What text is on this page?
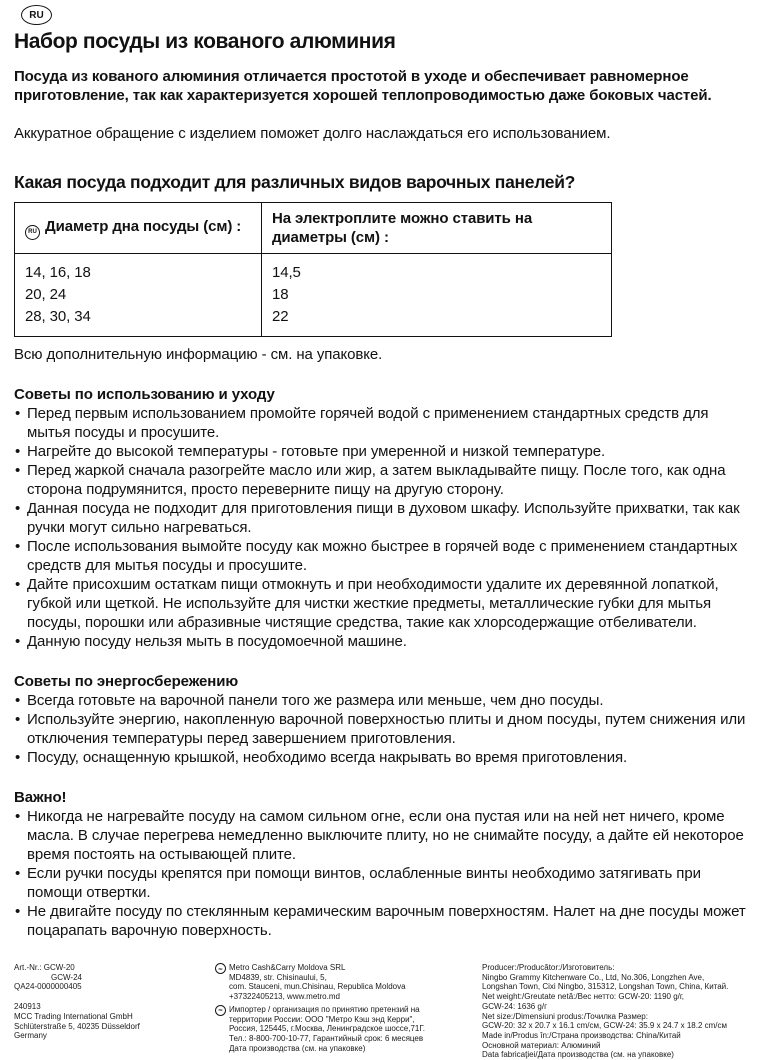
RU
Набор посуды из кованого алюминия

Посуда из кованого алюминия отличается простотой в уходе и обеспечивает равномерное приготовление, так как характеризуется хорошей теплопроводимостью даже боковых частей.

Аккуратное обращение с изделием поможет долго наслаждаться его использованием.

Какая посуда подходит для различных видов варочных панелей?
RU Диаметр дна посуды (см) :	На электроплите можно ставить на диаметры (см) :
14, 16, 18	14,5
20, 24	18
28, 30, 34	22

Всю дополнительную информацию - см. на упаковке.

Советы по использованию и уходу
• Перед первым использованием промойте горячей водой с применением стандартных средств для мытья посуды и просушите.
• Нагрейте до высокой температуры - готовьте при умеренной и низкой температуре.
• Перед жаркой сначала разогрейте масло или жир, а затем выкладывайте пищу. После того, как одна сторона подрумянится, просто переверните пищу на другую сторону.
• Данная посуда не подходит для приготовления пищи в духовом шкафу. Используйте прихватки, так как ручки могут сильно нагреваться.
• После использования вымойте посуду как можно быстрее в горячей воде с применением стандартных средств для мытья посуды и просушите.
• Дайте присохшим остаткам пищи отмокнуть и при необходимости удалите их деревянной лопаткой, губкой или щеткой. Не используйте для чистки жесткие предметы, металлические губки для мытья посуды, порошки или абразивные чистящие средства, такие как хлорсодержащие отбеливатели.
• Данную посуду нельзя мыть в посудомоечной машине.
Советы по энергосбережению
• Всегда готовьте на варочной панели того же размера или меньше, чем дно посуды.
• Используйте энергию, накопленную варочной поверхностью плиты и дном посуды, путем снижения или отключения температуры перед завершением приготовления.
• Посуду, оснащенную крышкой, необходимо всегда накрывать во время приготовления.
Важно!
• Никогда не нагревайте посуду на самом сильном огне, если она пустая или на ней нет ничего, кроме масла. В случае перегрева немедленно выключите плиту, но не снимайте посуду, а дайте ей некоторое время постоять на остывающей плите.
• Если ручки посуды крепятся при помощи винтов, ослабленные винты необходимо затягивать при помощи отвертки.
• Не двигайте посуду по стеклянным керамическим варочным поверхностям. Налет на дне посуды может поцарапать варочную поверхность.
Art.-Nr.: GCW-20
GCW-24
QA24-0000000405
240913
MCC Trading International GmbH
Schlüterstraße 5, 40235 Düsseldorf
Germany
ru Metro Cash&Carry Moldova SRL
MD4839, str. Chisinaului, 5,
com. Stauceni, mun.Chisinau, Republica Moldova
+37322405213, www.metro.md
ru Импортер / организация по принятию претензий на
территории России: ООО "Метро Кэш энд Керри",
Россия, 125445, г.Москва, Ленинградское шоссе,71Г.
Тел.: 8-800-700-10-77, Гарантийный срок: 6 месяцев
Дата производства (см. на упаковке)
Producer:/Producător:/Изготовитель:
Ningbo Grammy Kitchenware Co., Ltd, No.306, Longzhen Ave,
Longshan Town, Cixi Ningbo, 315312, Longshan Town, China, Китай.
Net weight:/Greutate netă:/Вес нетто: GCW-20: 1190 g/г,
GCW-24: 1636 g/г
Net size:/Dimensiuni produs:/Точилка Размер:
GCW-20: 32 x 20.7 x 16.1 cm/см, GCW-24: 35.9 x 24.7 x 18.2 cm/см
Made in/Produs în:/Страна производства: China/Китай
Основной материал: Алюминий
Data fabricaţiei/Дата производства (см. на упаковке)
